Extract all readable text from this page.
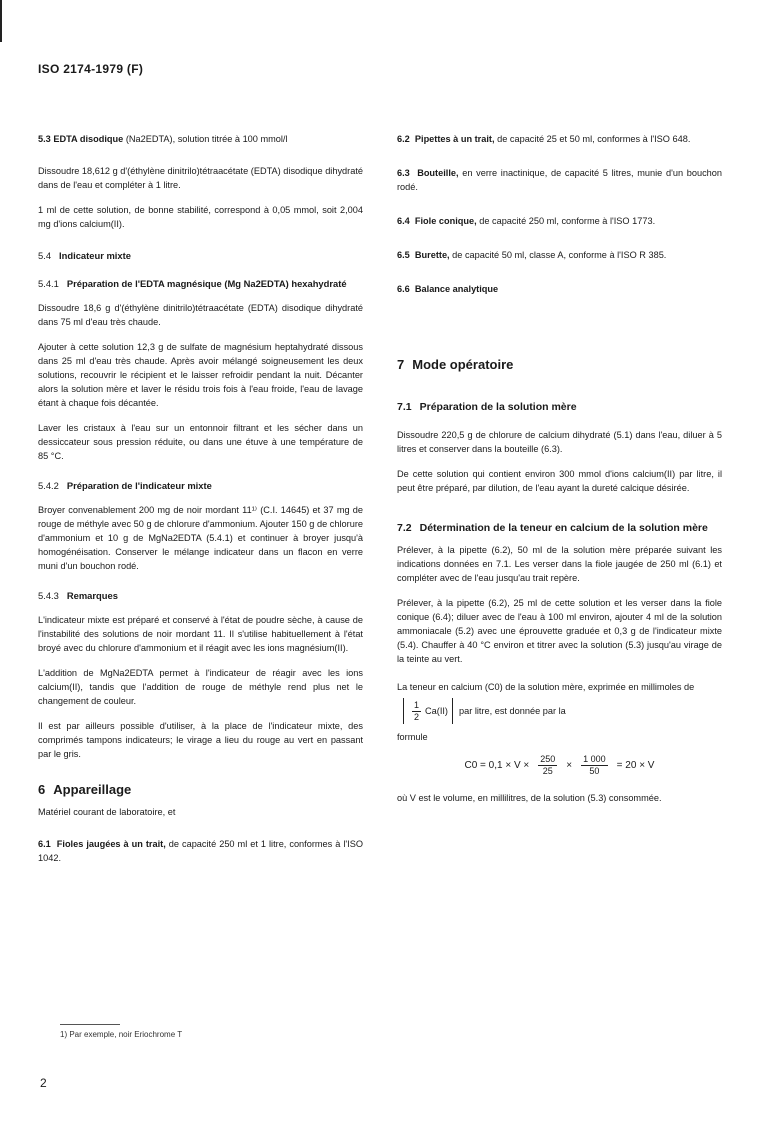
ISO 2174-1979 (F)

5.3 EDTA disodique (Na2EDTA), solution titrée à 100 mmol/l

Dissoudre 18,612 g d'(éthylène dinitrilo)tétraacétate (EDTA) disodique dihydraté dans de l'eau et compléter à 1 litre.

1 ml de cette solution, de bonne stabilité, correspond à 0,05 mmol, soit 2,004 mg d'ions calcium(II).

5.4 Indicateur mixte
5.4.1 Préparation de l'EDTA magnésique (Mg Na2EDTA) hexahydraté

Dissoudre 18,6 g d'(éthylène dinitrilo)tétraacétate (EDTA) disodique dihydraté dans 75 ml d'eau très chaude.

Ajouter à cette solution 12,3 g de sulfate de magnésium heptahydraté dissous dans 25 ml d'eau très chaude. Après avoir mélangé soigneusement les deux solutions, recouvrir le récipient et le laisser refroidir pendant la nuit. Décanter alors la solution mère et laver le résidu trois fois à l'eau froide, l'eau de lavage étant à chaque fois décantée.

Laver les cristaux à l'eau sur un entonnoir filtrant et les sécher dans un dessiccateur sous pression réduite, ou dans une étuve à une température de 85 °C.

5.4.2 Préparation de l'indicateur mixte

Broyer convenablement 200 mg de noir mordant 11¹⁾ (C.I. 14645) et 37 mg de rouge de méthyle avec 50 g de chlorure d'ammonium. Ajouter 150 g de chlorure d'ammonium et 10 g de MgNa2EDTA (5.4.1) et continuer à broyer jusqu'à homogénéisation. Conserver le mélange indicateur dans un flacon en verre muni d'un bouchon rodé.

5.4.3 Remarques

L'indicateur mixte est préparé et conservé à l'état de poudre sèche, à cause de l'instabilité des solutions de noir mordant 11. Il s'utilise habituellement à l'état broyé avec du chlorure d'ammonium et il réagit avec les ions magnésium(II).

L'addition de MgNa2EDTA permet à l'indicateur de réagir avec les ions calcium(II), tandis que l'addition de rouge de méthyle rend plus net le changement de couleur.

Il est par ailleurs possible d'utiliser, à la place de l'indicateur mixte, des comprimés tampons indicateurs; le virage a lieu du rouge au vert en passant par le gris.

6 Appareillage

Matériel courant de laboratoire, et

6.1 Fioles jaugées à un trait, de capacité 250 ml et 1 litre, conformes à l'ISO 1042.

6.2 Pipettes à un trait, de capacité 25 et 50 ml, conformes à l'ISO 648.

6.3 Bouteille, en verre inactinique, de capacité 5 litres, munie d'un bouchon rodé.

6.4 Fiole conique, de capacité 250 ml, conforme à l'ISO 1773.

6.5 Burette, de capacité 50 ml, classe A, conforme à l'ISO R 385.

6.6 Balance analytique

7 Mode opératoire
7.1 Préparation de la solution mère

Dissoudre 220,5 g de chlorure de calcium dihydraté (5.1) dans l'eau, diluer à 5 litres et conserver dans la bouteille (6.3).

De cette solution qui contient environ 300 mmol d'ions calcium(II) par litre, il peut être préparé, par dilution, de l'eau ayant la dureté calcique désirée.

7.2 Détermination de la teneur en calcium de la solution mère

Prélever, à la pipette (6.2), 50 ml de la solution mère préparée suivant les indications données en 7.1. Les verser dans la fiole jaugée de 250 ml (6.1) et compléter avec de l'eau jusqu'au trait repère.

Prélever, à la pipette (6.2), 25 ml de cette solution et les verser dans la fiole conique (6.4); diluer avec de l'eau à 100 ml environ, ajouter 4 ml de la solution ammoniacale (5.2) avec une éprouvette graduée et 0,3 g de l'indicateur mixte (5.4). Chauffer à 40 °C environ et titrer avec la solution (5.3) jusqu'au virage de la teinte au vert.

La teneur en calcium (C0) de la solution mère, exprimée en millimoles de

$\frac{1}{2} Ca(II)$ par litre, est donnée par la

formule

$C0 = 0,1 \times V \times \frac{250}{25} \times \frac{1 000}{50} = 20 \times V$

où V est le volume, en millilitres, de la solution (5.3) consommée.

1) Par exemple, noir Eriochrome T
2
